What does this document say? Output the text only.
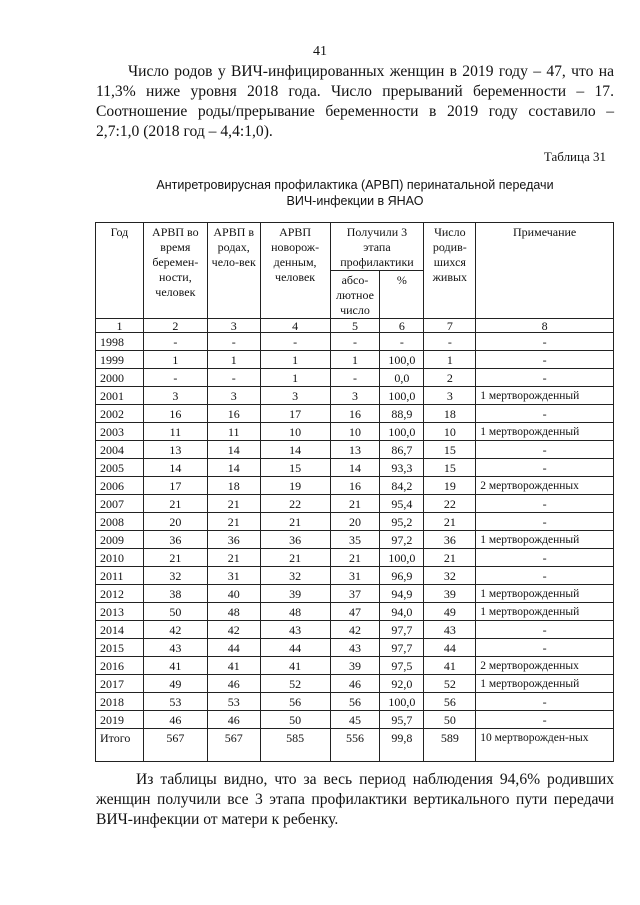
41

Число родов у ВИЧ-инфицированных женщин в 2019 году – 47, что на 11,3% ниже уровня 2018 года. Число прерываний беременности – 17. Соотношение роды/прерывание беременности в 2019 году составило – 2,7:1,0 (2018 год – 4,4:1,0).

Таблица 31
Антиретровирусная профилактика (АРВП) перинатальной передачи
ВИЧ-инфекции в ЯНАО
Год	АРВП во время беремен-ности, человек	АРВП в родах, чело-век	АРВП новорож-денным, человек	Получили 3 этапа профилактики		Число родив-шихся живых	Примечание
				абсо-лютное число	%		
1	2	3	4	5	6	7	8
1998	-	-	-	-	-	-	-
1999	1	1	1	1	100,0	1	-
2000	-	-	1	-	0,0	2	-
2001	3	3	3	3	100,0	3	1 мертворожденный
2002	16	16	17	16	88,9	18	-
2003	11	11	10	10	100,0	10	1 мертворожденный
2004	13	14	14	13	86,7	15	-
2005	14	14	15	14	93,3	15	-
2006	17	18	19	16	84,2	19	2 мертворожденных
2007	21	21	22	21	95,4	22	-
2008	20	21	21	20	95,2	21	-
2009	36	36	36	35	97,2	36	1 мертворожденный
2010	21	21	21	21	100,0	21	-
2011	32	31	32	31	96,9	32	-
2012	38	40	39	37	94,9	39	1 мертворожденный
2013	50	48	48	47	94,0	49	1 мертворожденный
2014	42	42	43	42	97,7	43	-
2015	43	44	44	43	97,7	44	-
2016	41	41	41	39	97,5	41	2 мертворожденных
2017	49	46	52	46	92,0	52	1 мертворожденный
2018	53	53	56	56	100,0	56	-
2019	46	46	50	45	95,7	50	-
Итого	567	567	585	556	99,8	589	10 мертворожден-ных

Из таблицы видно, что за весь период наблюдения 94,6% родивших женщин получили все 3 этапа профилактики вертикального пути передачи ВИЧ-инфекции от матери к ребенку.
